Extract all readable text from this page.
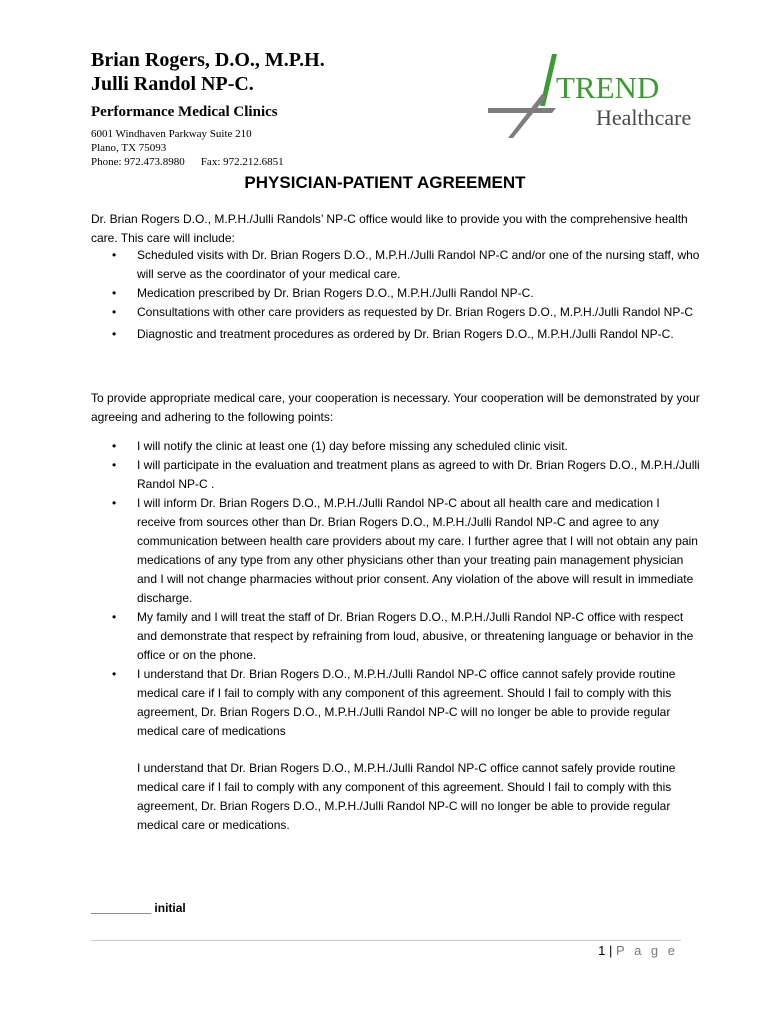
Brian Rogers, D.O., M.P.H.
Julli Randol NP-C.
Performance Medical Clinics
6001 Windhaven Parkway Suite 210
Plano, TX 75093
Phone: 972.473.8980 Fax: 972.212.6851
TREND
Healthcare
PHYSICIAN-PATIENT AGREEMENT
Dr. Brian Rogers D.O., M.P.H./Julli Randols’ NP-C office would like to provide you with the comprehensive health care. This care will include:
• Scheduled visits with Dr. Brian Rogers D.O., M.P.H./Julli Randol NP-C and/or one of the nursing staff, who will serve as the coordinator of your medical care.
• Medication prescribed by Dr. Brian Rogers D.O., M.P.H./Julli Randol NP-C.
• Consultations with other care providers as requested by Dr. Brian Rogers D.O., M.P.H./Julli Randol NP-C
• Diagnostic and treatment procedures as ordered by Dr. Brian Rogers D.O., M.P.H./Julli Randol NP-C.
To provide appropriate medical care, your cooperation is necessary. Your cooperation will be demonstrated by your agreeing and adhering to the following points:
• I will notify the clinic at least one (1) day before missing any scheduled clinic visit.
• I will participate in the evaluation and treatment plans as agreed to with Dr. Brian Rogers D.O., M.P.H./Julli Randol NP-C .
• I will inform Dr. Brian Rogers D.O., M.P.H./Julli Randol NP-C about all health care and medication I receive from sources other than Dr. Brian Rogers D.O., M.P.H./Julli Randol NP-C and agree to any communication between health care providers about my care. I further agree that I will not obtain any pain medications of any type from any other physicians other than your treating pain management physician and I will not change pharmacies without prior consent. Any violation of the above will result in immediate discharge.
• My family and I will treat the staff of Dr. Brian Rogers D.O., M.P.H./Julli Randol NP-C office with respect and demonstrate that respect by refraining from loud, abusive, or threatening language or behavior in the office or on the phone.
• I understand that Dr. Brian Rogers D.O., M.P.H./Julli Randol NP-C office cannot safely provide routine medical care if I fail to comply with any component of this agreement. Should I fail to comply with this agreement, Dr. Brian Rogers D.O., M.P.H./Julli Randol NP-C will no longer be able to provide regular medical care of medications
I understand that Dr. Brian Rogers D.O., M.P.H./Julli Randol NP-C office cannot safely provide routine medical care if I fail to comply with any component of this agreement. Should I fail to comply with this agreement, Dr. Brian Rogers D.O., M.P.H./Julli Randol NP-C will no longer be able to provide regular medical care or medications.
_________ initial
1 | P a g e
